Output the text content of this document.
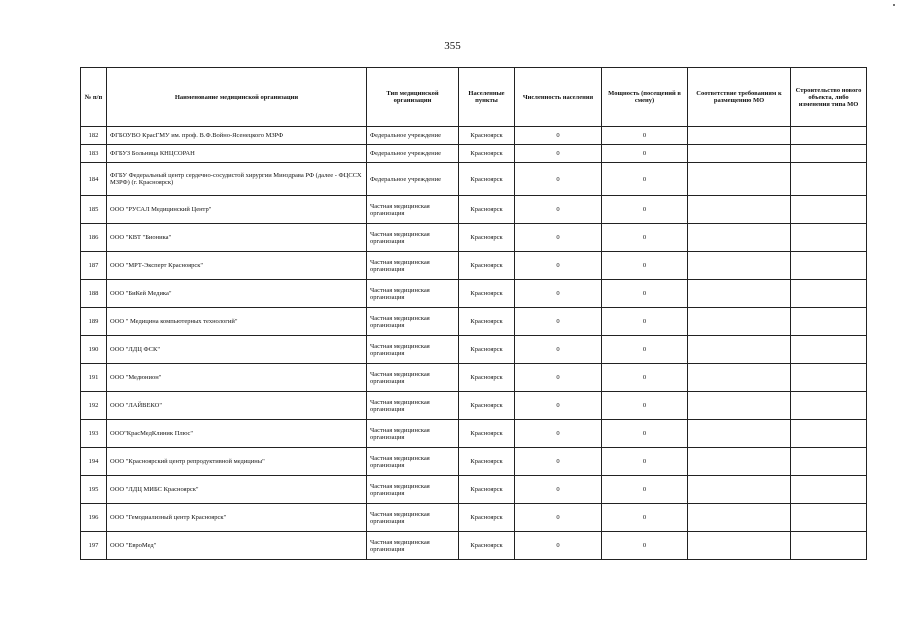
355
№ п/п	Наименование медицинской организации	Тип медицинской организации	Населенные пункты	Численность населения	Мощность (посещений в смену)	Соответствие требованиям к размещению МО	Строительство нового объекта, либо изменения типа МО
182	ФГБОУВО КрасГМУ им. проф. В.Ф.Войно-Ясенецкого МЗРФ	Федеральное учреждение	Красноярск	0	0		
183	ФГБУЗ Больница КНЦСОРАН	Федеральное учреждение	Красноярск	0	0		
184	ФГБУ Федеральный центр сердечно-сосудистой хирургии Минздрава РФ (далее - ФЦССХ МЗРФ) (г. Красноярск)	Федеральное учреждение	Красноярск	0	0		
185	ООО "РУСАЛ Медицинский Центр"	Частная медицинская организация	Красноярск	0	0		
186	ООО "КВТ "Бионика"	Частная медицинская организация	Красноярск	0	0		
187	ООО "МРТ-Эксперт Красноярск"	Частная медицинская организация	Красноярск	0	0		
188	ООО "БиКей Медика"	Частная медицинская организация	Красноярск	0	0		
189	ООО " Медицина компьютерных технологий"	Частная медицинская организация	Красноярск	0	0		
190	ООО "ЛДЦ ФСК"	Частная медицинская организация	Красноярск	0	0		
191	ООО "Медюнион"	Частная медицинская организация	Красноярск	0	0		
192	ООО "ЛАЙВЕКО"	Частная медицинская организация	Красноярск	0	0		
193	ООО"КрасМедКлиник Плюс"	Частная медицинская организация	Красноярск	0	0		
194	ООО "Красноярский центр репродуктивной медицины"	Частная медицинская организация	Красноярск	0	0		
195	ООО "ЛДЦ МИБС Красноярск"	Частная медицинская организация	Красноярск	0	0		
196	ООО "Гемодиализный центр Красноярск"	Частная медицинская организация	Красноярск	0	0		
197	ООО "ЕвроМед"	Частная медицинская организация	Красноярск	0	0		
